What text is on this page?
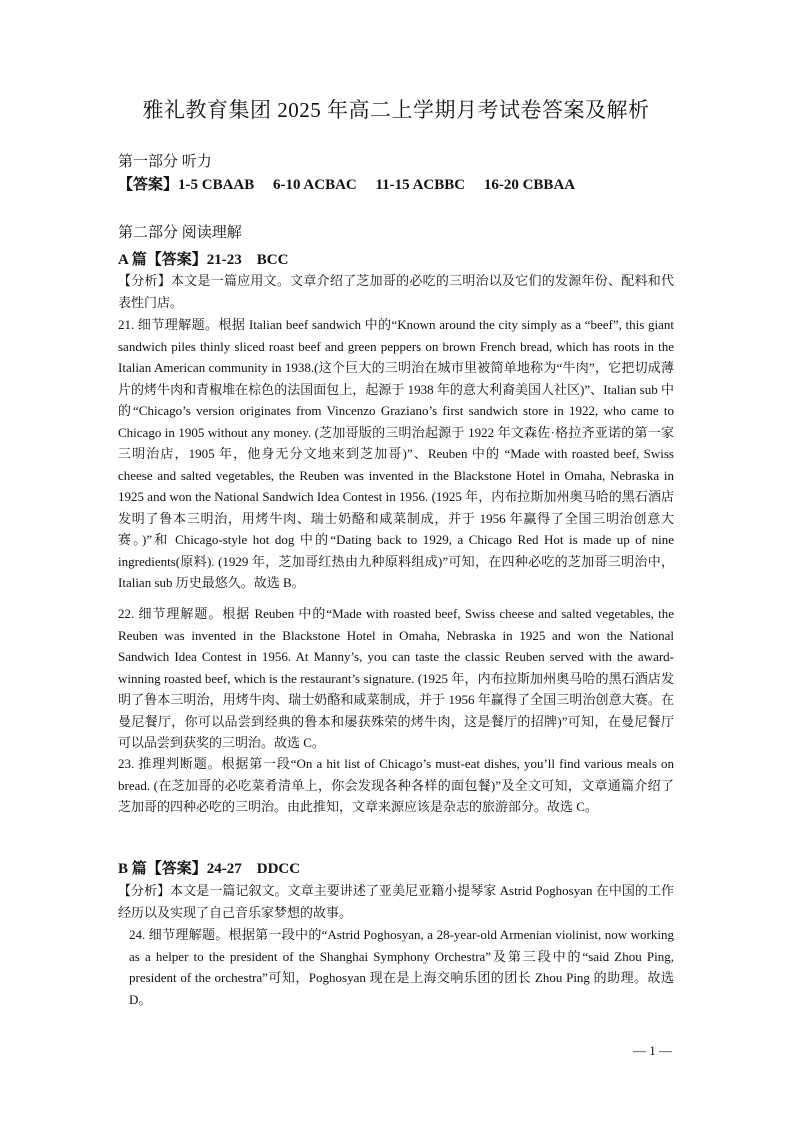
雅礼教育集团 2025 年高二上学期月考试卷答案及解析
第一部分 听力
【答案】1-5 CBAAB     6-10 ACBAC     11-15 ACBBC     16-20 CBBAA
第二部分 阅读理解
A 篇【答案】21-23    BCC
【分析】本文是一篇应用文。文章介绍了芝加哥的必吃的三明治以及它们的发源年份、配料和代表性门店。
21. 细节理解题。根据 Italian beef sandwich 中的“Known around the city simply as a “beef”, this giant sandwich piles thinly sliced roast beef and green peppers on brown French bread, which has roots in the Italian American community in 1938.(这个巨大的三明治在城市里被简单地称为“牛肉”，它把切成薄片的烤牛肉和青椒堆在棕色的法国面包上，起源于 1938 年的意大利裔美国人社区)”、Italian sub 中的“Chicago’s version originates from Vincenzo Graziano’s first sandwich store in 1922, who came to Chicago in 1905 without any money. (芝加哥版的三明治起源于 1922 年文森佐·格拉齐亚诺的第一家三明治店，1905 年，他身无分文地来到芝加哥)”、Reuben 中的 “Made with roasted beef, Swiss cheese and salted vegetables, the Reuben was invented in the Blackstone Hotel in Omaha, Nebraska in 1925 and won the National Sandwich Idea Contest in 1956. (1925 年，内布拉斯加州奥马哈的黑石酒店发明了鲁本三明治，用烤牛肉、瑞士奶酪和咸菜制成，并于 1956 年赢得了全国三明治创意大赛。)”和 Chicago-style hot dog 中的“Dating back to 1929, a Chicago Red Hot is made up of nine ingredients(原料). (1929 年，芝加哥红热由九种原料组成)”可知，在四种必吃的芝加哥三明治中，Italian sub 历史最悠久。故选 B。
22. 细节理解题。根据 Reuben 中的“Made with roasted beef, Swiss cheese and salted vegetables, the Reuben was invented in the Blackstone Hotel in Omaha, Nebraska in 1925 and won the National Sandwich Idea Contest in 1956. At Manny’s, you can taste the classic Reuben served with the award-winning roasted beef, which is the restaurant’s signature. (1925 年，内布拉斯加州奥马哈的黑石酒店发明了鲁本三明治，用烤牛肉、瑞士奶酪和咸菜制成，并于 1956 年赢得了全国三明治创意大赛。在曼尼餐厅，你可以品尝到经典的鲁本和屡获殊荣的烤牛肉，这是餐厅的招牌)”可知，在曼尼餐厅可以品尝到获奖的三明治。故选 C。
23. 推理判断题。根据第一段“On a hit list of Chicago’s must-eat dishes, you’ll find various meals on bread. (在芝加哥的必吃菜肴清单上，你会发现各种各样的面包餐)”及全文可知，文章通篇介绍了芝加哥的四种必吃的三明治。由此推知，文章来源应该是杂志的旅游部分。故选 C。
B 篇【答案】24-27    DDCC
【分析】本文是一篇记叙文。文章主要讲述了亚美尼亚籍小提琴家 Astrid Poghosyan 在中国的工作经历以及实现了自己音乐家梦想的故事。
24. 细节理解题。根据第一段中的“Astrid Poghosyan, a 28-year-old Armenian violinist, now working as a helper to the president of the Shanghai Symphony Orchestra”及第三段中的“said Zhou Ping, president of the orchestra”可知，Poghosyan 现在是上海交响乐团的团长 Zhou Ping 的助理。故选 D。
— 1 —
